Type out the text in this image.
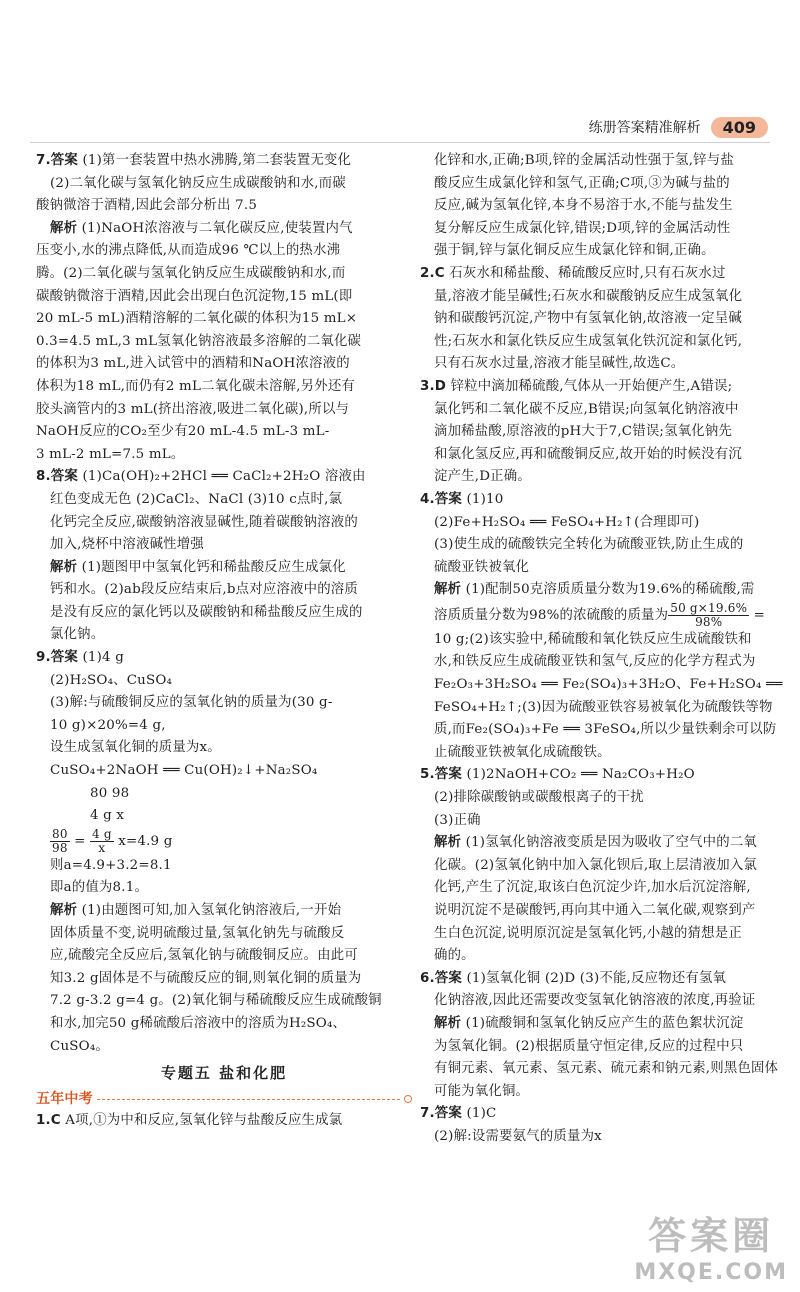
练册答案精准解析	409
7.答案 (1)第一套装置中热水沸腾,第二套装置无变化
(2)二氧化碳与氢氧化钠反应生成碳酸钠和水,而碳
酸钠微溶于酒精,因此会部分析出 7.5
解析 (1)NaOH浓溶液与二氧化碳反应,使装置内气
压变小,水的沸点降低,从而造成96 ℃以上的热水沸
腾。(2)二氧化碳与氢氧化钠反应生成碳酸钠和水,而
碳酸钠微溶于酒精,因此会出现白色沉淀物,15 mL(即
20 mL-5 mL)酒精溶解的二氧化碳的体积为15 mL×
0.3=4.5 mL,3 mL氢氧化钠溶液最多溶解的二氧化碳
的体积为3 mL,进入试管中的酒精和NaOH浓溶液的
体积为18 mL,而仍有2 mL二氧化碳未溶解,另外还有
胶头滴管内的3 mL(挤出溶液,吸进二氧化碳),所以与
NaOH反应的CO₂至少有20 mL-4.5 mL-3 mL-
3 mL-2 mL=7.5 mL。
8.答案 (1)Ca(OH)₂+2HCl ══ CaCl₂+2H₂O 溶液由
红色变成无色 (2)CaCl₂、NaCl (3)10 c点时,氯
化钙完全反应,碳酸钠溶液显碱性,随着碳酸钠溶液的
加入,烧杯中溶液碱性增强
解析 (1)题图甲中氢氧化钙和稀盐酸反应生成氯化
钙和水。(2)ab段反应结束后,b点对应溶液中的溶质
是没有反应的氯化钙以及碳酸钠和稀盐酸反应生成的
氯化钠。
9.答案 (1)4 g
(2)H₂SO₄、CuSO₄
(3)解:与硫酸铜反应的氢氧化钠的质量为(30 g-
10 g)×20%=4 g,
设生成氢氧化铜的质量为x。
CuSO₄+2NaOH ══ Cu(OH)₂↓+Na₂SO₄
80 98
4 g x
$\frac{80}{98} = \frac{4 g}{x} x=4.9$ g
则a=4.9+3.2=8.1
即a的值为8.1。
解析 (1)由题图可知,加入氢氧化钠溶液后,一开始
固体质量不变,说明硫酸过量,氢氧化钠先与硫酸反
应,硫酸完全反应后,氢氧化钠与硫酸铜反应。由此可
知3.2 g固体是不与硫酸反应的铜,则氧化铜的质量为
7.2 g-3.2 g=4 g。(2)氧化铜与稀硫酸反应生成硫酸铜
和水,加完50 g稀硫酸后溶液中的溶质为H₂SO₄、
CuSO₄。
专题五 盐和化肥
五年中考
1.C A项,①为中和反应,氢氧化锌与盐酸反应生成氯
化锌和水,正确;B项,锌的金属活动性强于氢,锌与盐
酸反应生成氯化锌和氢气,正确;C项,③为碱与盐的
反应,碱为氢氧化锌,本身不易溶于水,不能与盐发生
复分解反应生成氯化锌,错误;D项,锌的金属活动性
强于铜,锌与氯化铜反应生成氯化锌和铜,正确。
2.C 石灰水和稀盐酸、稀硫酸反应时,只有石灰水过
量,溶液才能呈碱性;石灰水和碳酸钠反应生成氢氧化
钠和碳酸钙沉淀,产物中有氢氧化钠,故溶液一定呈碱
性;石灰水和氯化铁反应生成氢氧化铁沉淀和氯化钙,
只有石灰水过量,溶液才能呈碱性,故选C。
3.D 锌粒中滴加稀硫酸,气体从一开始便产生,A错误;
氯化钙和二氧化碳不反应,B错误;向氢氧化钠溶液中
滴加稀盐酸,原溶液的pH大于7,C错误;氢氧化钠先
和氯化氢反应,再和硫酸铜反应,故开始的时候没有沉
淀产生,D正确。
4.答案 (1)10
(2)Fe+H₂SO₄ ══ FeSO₄+H₂↑(合理即可)
(3)使生成的硫酸铁完全转化为硫酸亚铁,防止生成的
硫酸亚铁被氧化
解析 (1)配制50克溶质质量分数为19.6%的稀硫酸,需
溶质质量分数为98%的浓硫酸的质量为 $\frac{50 g\times 19.6\%}{98\%}$ =
10 g;(2)该实验中,稀硫酸和氧化铁反应生成硫酸铁和
水,和铁反应生成硫酸亚铁和氢气,反应的化学方程式为
Fe₂O₃+3H₂SO₄ ══ Fe₂(SO₄)₃+3H₂O、Fe+H₂SO₄ ══
FeSO₄+H₂↑;(3)因为硫酸亚铁容易被氧化为硫酸铁等物
质,而Fe₂(SO₄)₃+Fe ══ 3FeSO₄,所以少量铁剩余可以防
止硫酸亚铁被氧化成硫酸铁。
5.答案 (1)2NaOH+CO₂ ══ Na₂CO₃+H₂O
(2)排除碳酸钠或碳酸根离子的干扰
(3)正确
解析 (1)氢氧化钠溶液变质是因为吸收了空气中的二氧
化碳。(2)氢氧化钠中加入氯化钡后,取上层清液加入氯
化钙,产生了沉淀,取该白色沉淀少许,加水后沉淀溶解,
说明沉淀不是碳酸钙,再向其中通入二氧化碳,观察到产
生白色沉淀,说明原沉淀是氢氧化钙,小越的猜想是正
确的。
6.答案 (1)氢氧化铜 (2)D (3)不能,反应物还有氢氧
化钠溶液,因此还需要改变氢氧化钠溶液的浓度,再验证
解析 (1)硫酸铜和氢氧化钠反应产生的蓝色絮状沉淀
为氢氧化铜。(2)根据质量守恒定律,反应的过程中只
有铜元素、氧元素、氢元素、硫元素和钠元素,则黑色固体
可能为氧化铜。
7.答案 (1)C
(2)解:设需要氨气的质量为x
答案圈
MXQE.COM
